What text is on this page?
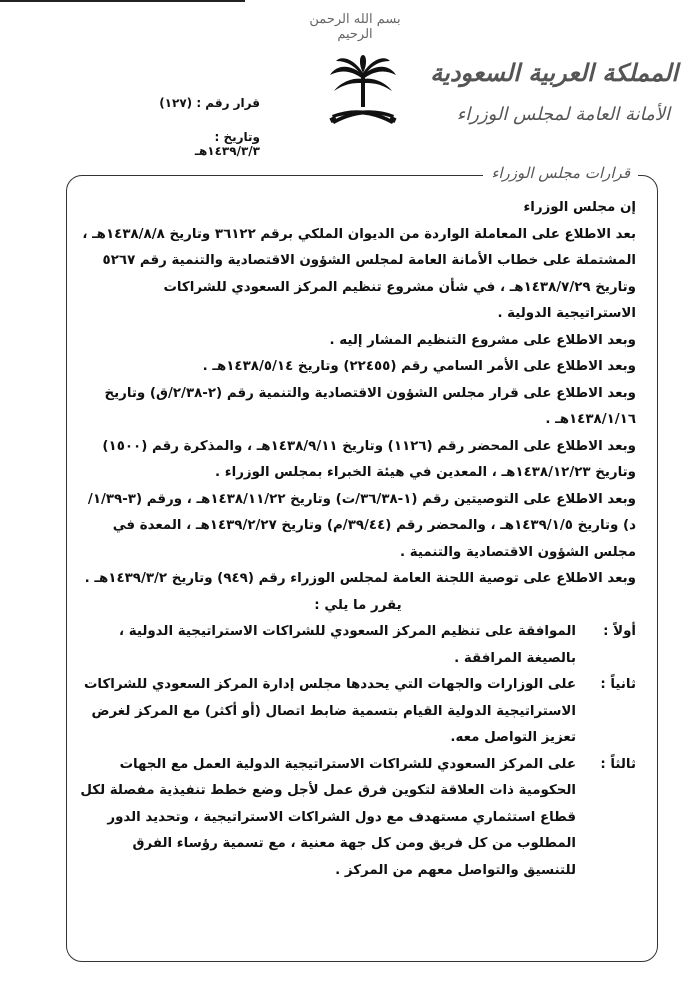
بسم الله الرحمن الرحيم
المملكة العربية السعودية
الأمانة العامة لمجلس الوزراء
قرار رقم : (١٢٧)
وتاريخ : ١٤٣٩/٣/٣هـ
قرارات مجلس الوزراء

إن مجلس الوزراء

بعد الاطلاع على المعاملة الواردة من الديوان الملكي برقم ٣٦١٢٢ وتاريخ ١٤٣٨/٨/٨هـ ، المشتملة على خطاب الأمانة العامة لمجلس الشؤون الاقتصادية والتنمية رقم ٥٢٦٧ وتاريخ ١٤٣٨/٧/٢٩هـ ، في شأن مشروع تنظيم المركز السعودي للشراكات الاستراتيجية الدولية .

وبعد الاطلاع على مشروع التنظيم المشار إليه .

وبعد الاطلاع على الأمر السامي رقم (٢٢٤٥٥) وتاريخ ١٤٣٨/٥/١٤هـ .

وبعد الاطلاع على قرار مجلس الشؤون الاقتصادية والتنمية رقم (٢-٢/٣٨/ق) وتاريخ ١٤٣٨/١/١٦هـ .

وبعد الاطلاع على المحضر رقم (١١٢٦) وتاريخ ١٤٣٨/٩/١١هـ ، والمذكرة رقم (١٥٠٠) وتاريخ ١٤٣٨/١٢/٢٣هـ ، المعدين في هيئة الخبراء بمجلس الوزراء .

وبعد الاطلاع على التوصيتين رقم (١-٣٦/٣٨/ت) وتاريخ ١٤٣٨/١١/٢٢هـ ، ورقم (٣-١/٣٩/د) وتاريخ ١٤٣٩/١/٥هـ ، والمحضر رقم (٣٩/٤٤/م) وتاريخ ١٤٣٩/٢/٢٧هـ ، المعدة في مجلس الشؤون الاقتصادية والتنمية .

وبعد الاطلاع على توصية اللجنة العامة لمجلس الوزراء رقم (٩٤٩) وتاريخ ١٤٣٩/٣/٢هـ .

يقرر ما يلي :

أولاً :
الموافقة على تنظيم المركز السعودي للشراكات الاستراتيجية الدولية ، بالصيغة المرافقة .
ثانياً :
على الوزارات والجهات التي يحددها مجلس إدارة المركز السعودي للشراكات الاستراتيجية الدولية القيام بتسمية ضابط اتصال (أو أكثر) مع المركز لغرض تعزيز التواصل معه.
ثالثاً :
على المركز السعودي للشراكات الاستراتيجية الدولية العمل مع الجهات الحكومية ذات العلاقة لتكوين فرق عمل لأجل وضع خطط تنفيذية مفصلة لكل قطاع استثماري مستهدف مع دول الشراكات الاستراتيجية ، وتحديد الدور المطلوب من كل فريق ومن كل جهة معنية ، مع تسمية رؤساء الفرق للتنسيق والتواصل معهم من المركز .
